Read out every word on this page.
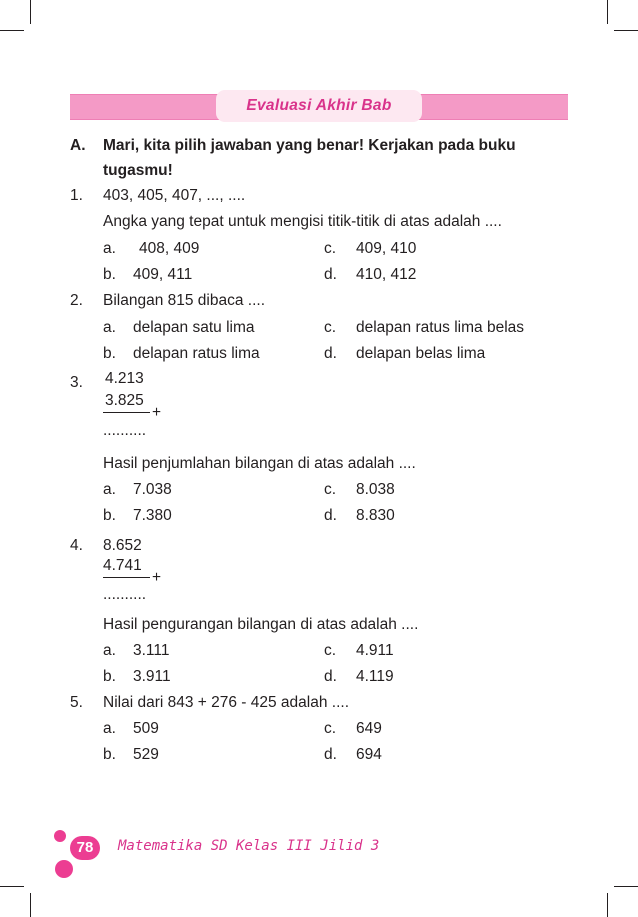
Evaluasi Akhir Bab
A. Mari, kita pilih jawaban yang benar! Kerjakan pada buku
tugasmu!
1. 403, 405, 407, ..., ....
Angka yang tepat untuk mengisi titik-titik di atas adalah ....
a. 408, 409	c. 409, 410
b. 409, 411	d. 410, 412
2. Bilangan 815 dibaca ....
a. delapan satu lima	c. delapan ratus lima belas
b. delapan ratus lima	d. delapan belas lima
3. 4.213
3.825
+
..........
Hasil penjumlahan bilangan di atas adalah ....
a. 7.038	c. 8.038
b. 7.380	d. 8.830
4. 8.652
4.741
+
..........
Hasil pengurangan bilangan di atas adalah ....
a. 3.111	c. 4.911
b. 3.911	d. 4.119
5. Nilai dari 843 + 276 - 425 adalah ....
a. 509	c. 649
b. 529	d. 694
78	Matematika SD Kelas III Jilid 3
